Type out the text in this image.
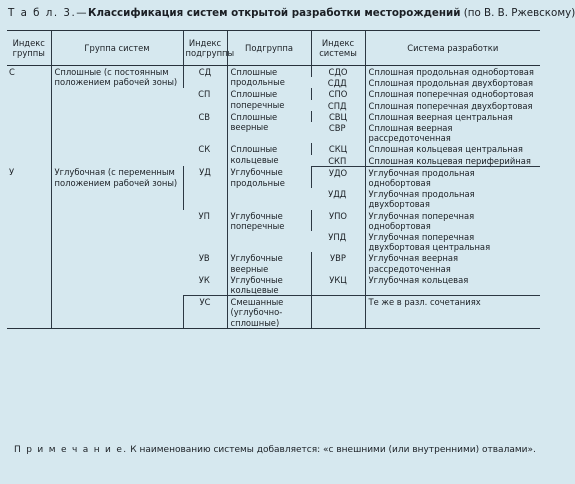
Т а б л. 3.—Классификация систем открытой разработки месторождений (по В. В. Ржевскому)
Индекс группы	Группа систем	Индекс подгруппы	Подгруппа	Индекс системы	Система разработки
С	Сплошные (с постоянным положением рабочей зоны)	СД	Сплошные продольные	СДО	Сплошная продольная однобортовая
				СДД	Сплошная продольная двухбортовая
		СП	Сплошные поперечные	СПО	Сплошная поперечная однобортовая
				СПД	Сплошная поперечная двухбортовая
		СВ	Сплошные веерные	СВЦ	Сплошная веерная центральная
				СВР	Сплошная веерная рассредоточенная
		СК	Сплошные кольцевые	СКЦ	Сплошная кольцевая центральная
				СКП	Сплошная кольцевая периферийная
У	Углубочная (с переменным положением рабочей зоны)	УД	Углубочные продольные	УДО	Углубочная продольная однобортовая
				УДД	Углубочная продольная двухбортовая
		УП	Углубочные поперечные	УПО	Углубочная поперечная однобортовая
				УПД	Углубочная поперечная двухбортовая центральная
		УВ	Углубочные веерные	УВР	Углубочная веерная рассредоточенная
		УК	Углубочные кольцевые	УКЦ	Углубочная кольцевая
		УС	Смешанные (углубочно-сплошные)		Те же в разл. сочетаниях
П р и м е ч а н и е. К наименованию системы добавляется: «с внешними (или внутренними) отвалами».
